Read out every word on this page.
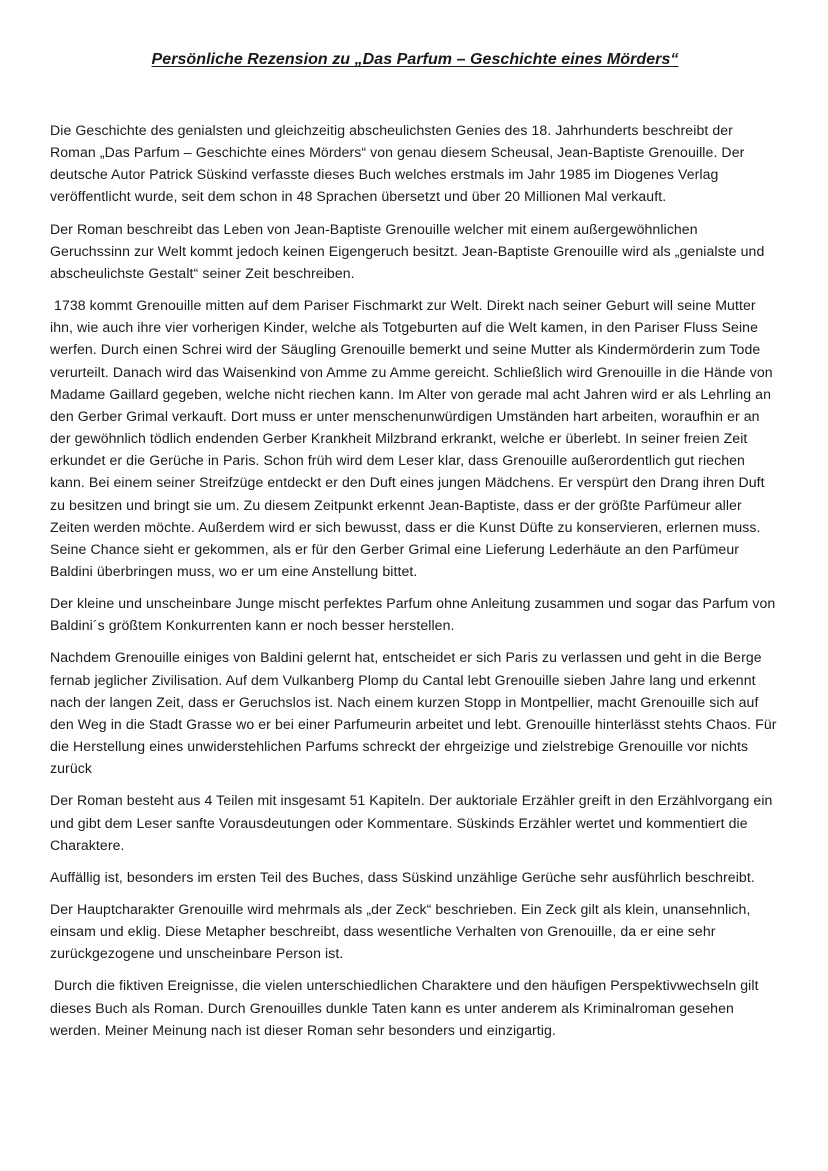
Persönliche Rezension zu „Das Parfum – Geschichte eines Mörders“

Die Geschichte des genialsten und gleichzeitig abscheulichsten Genies des 18. Jahrhunderts beschreibt der Roman „Das Parfum – Geschichte eines Mörders“ von genau diesem Scheusal, Jean-Baptiste Grenouille. Der deutsche Autor Patrick Süskind verfasste dieses Buch welches erstmals im Jahr 1985 im Diogenes Verlag veröffentlicht wurde, seit dem schon in 48 Sprachen übersetzt und über 20 Millionen Mal verkauft.

Der Roman beschreibt das Leben von Jean-Baptiste Grenouille welcher mit einem außergewöhnlichen Geruchssinn zur Welt kommt jedoch keinen Eigengeruch besitzt. Jean-Baptiste Grenouille wird als „genialste und abscheulichste Gestalt“ seiner Zeit beschreiben.

1738 kommt Grenouille mitten auf dem Pariser Fischmarkt zur Welt. Direkt nach seiner Geburt will seine Mutter ihn, wie auch ihre vier vorherigen Kinder, welche als Totgeburten auf die Welt kamen, in den Pariser Fluss Seine werfen. Durch einen Schrei wird der Säugling Grenouille bemerkt und seine Mutter als Kindermörderin zum Tode verurteilt. Danach wird das Waisenkind von Amme zu Amme gereicht. Schließlich wird Grenouille in die Hände von Madame Gaillard gegeben, welche nicht riechen kann. Im Alter von gerade mal acht Jahren wird er als Lehrling an den Gerber Grimal verkauft. Dort muss er unter menschenunwürdigen Umständen hart arbeiten, woraufhin er an der gewöhnlich tödlich endenden Gerber Krankheit Milzbrand erkrankt, welche er überlebt. In seiner freien Zeit erkundet er die Gerüche in Paris. Schon früh wird dem Leser klar, dass Grenouille außerordentlich gut riechen kann. Bei einem seiner Streifzüge entdeckt er den Duft eines jungen Mädchens. Er verspürt den Drang ihren Duft zu besitzen und bringt sie um. Zu diesem Zeitpunkt erkennt Jean-Baptiste, dass er der größte Parfümeur aller Zeiten werden möchte. Außerdem wird er sich bewusst, dass er die Kunst Düfte zu konservieren, erlernen muss. Seine Chance sieht er gekommen, als er für den Gerber Grimal eine Lieferung Lederhäute an den Parfümeur Baldini überbringen muss, wo er um eine Anstellung bittet.

Der kleine und unscheinbare Junge mischt perfektes Parfum ohne Anleitung zusammen und sogar das Parfum von Baldini´s größtem Konkurrenten kann er noch besser herstellen.

Nachdem Grenouille einiges von Baldini gelernt hat, entscheidet er sich Paris zu verlassen und geht in die Berge fernab jeglicher Zivilisation. Auf dem Vulkanberg Plomp du Cantal lebt Grenouille sieben Jahre lang und erkennt nach der langen Zeit, dass er Geruchslos ist. Nach einem kurzen Stopp in Montpellier, macht Grenouille sich auf den Weg in die Stadt Grasse wo er bei einer Parfumeurin arbeitet und lebt. Grenouille hinterlässt stehts Chaos. Für die Herstellung eines unwiderstehlichen Parfums schreckt der ehrgeizige und zielstrebige Grenouille vor nichts zurück

Der Roman besteht aus 4 Teilen mit insgesamt 51 Kapiteln. Der auktoriale Erzähler greift in den Erzählvorgang ein und gibt dem Leser sanfte Vorausdeutungen oder Kommentare. Süskinds Erzähler wertet und kommentiert die Charaktere.

Auffällig ist, besonders im ersten Teil des Buches, dass Süskind unzählige Gerüche sehr ausführlich beschreibt.

Der Hauptcharakter Grenouille wird mehrmals als „der Zeck“ beschrieben. Ein Zeck gilt als klein, unansehnlich, einsam und eklig. Diese Metapher beschreibt, dass wesentliche Verhalten von Grenouille, da er eine sehr zurückgezogene und unscheinbare Person ist.

Durch die fiktiven Ereignisse, die vielen unterschiedlichen Charaktere und den häufigen Perspektivwechseln gilt dieses Buch als Roman. Durch Grenouilles dunkle Taten kann es unter anderem als Kriminalroman gesehen werden. Meiner Meinung nach ist dieser Roman sehr besonders und einzigartig.
